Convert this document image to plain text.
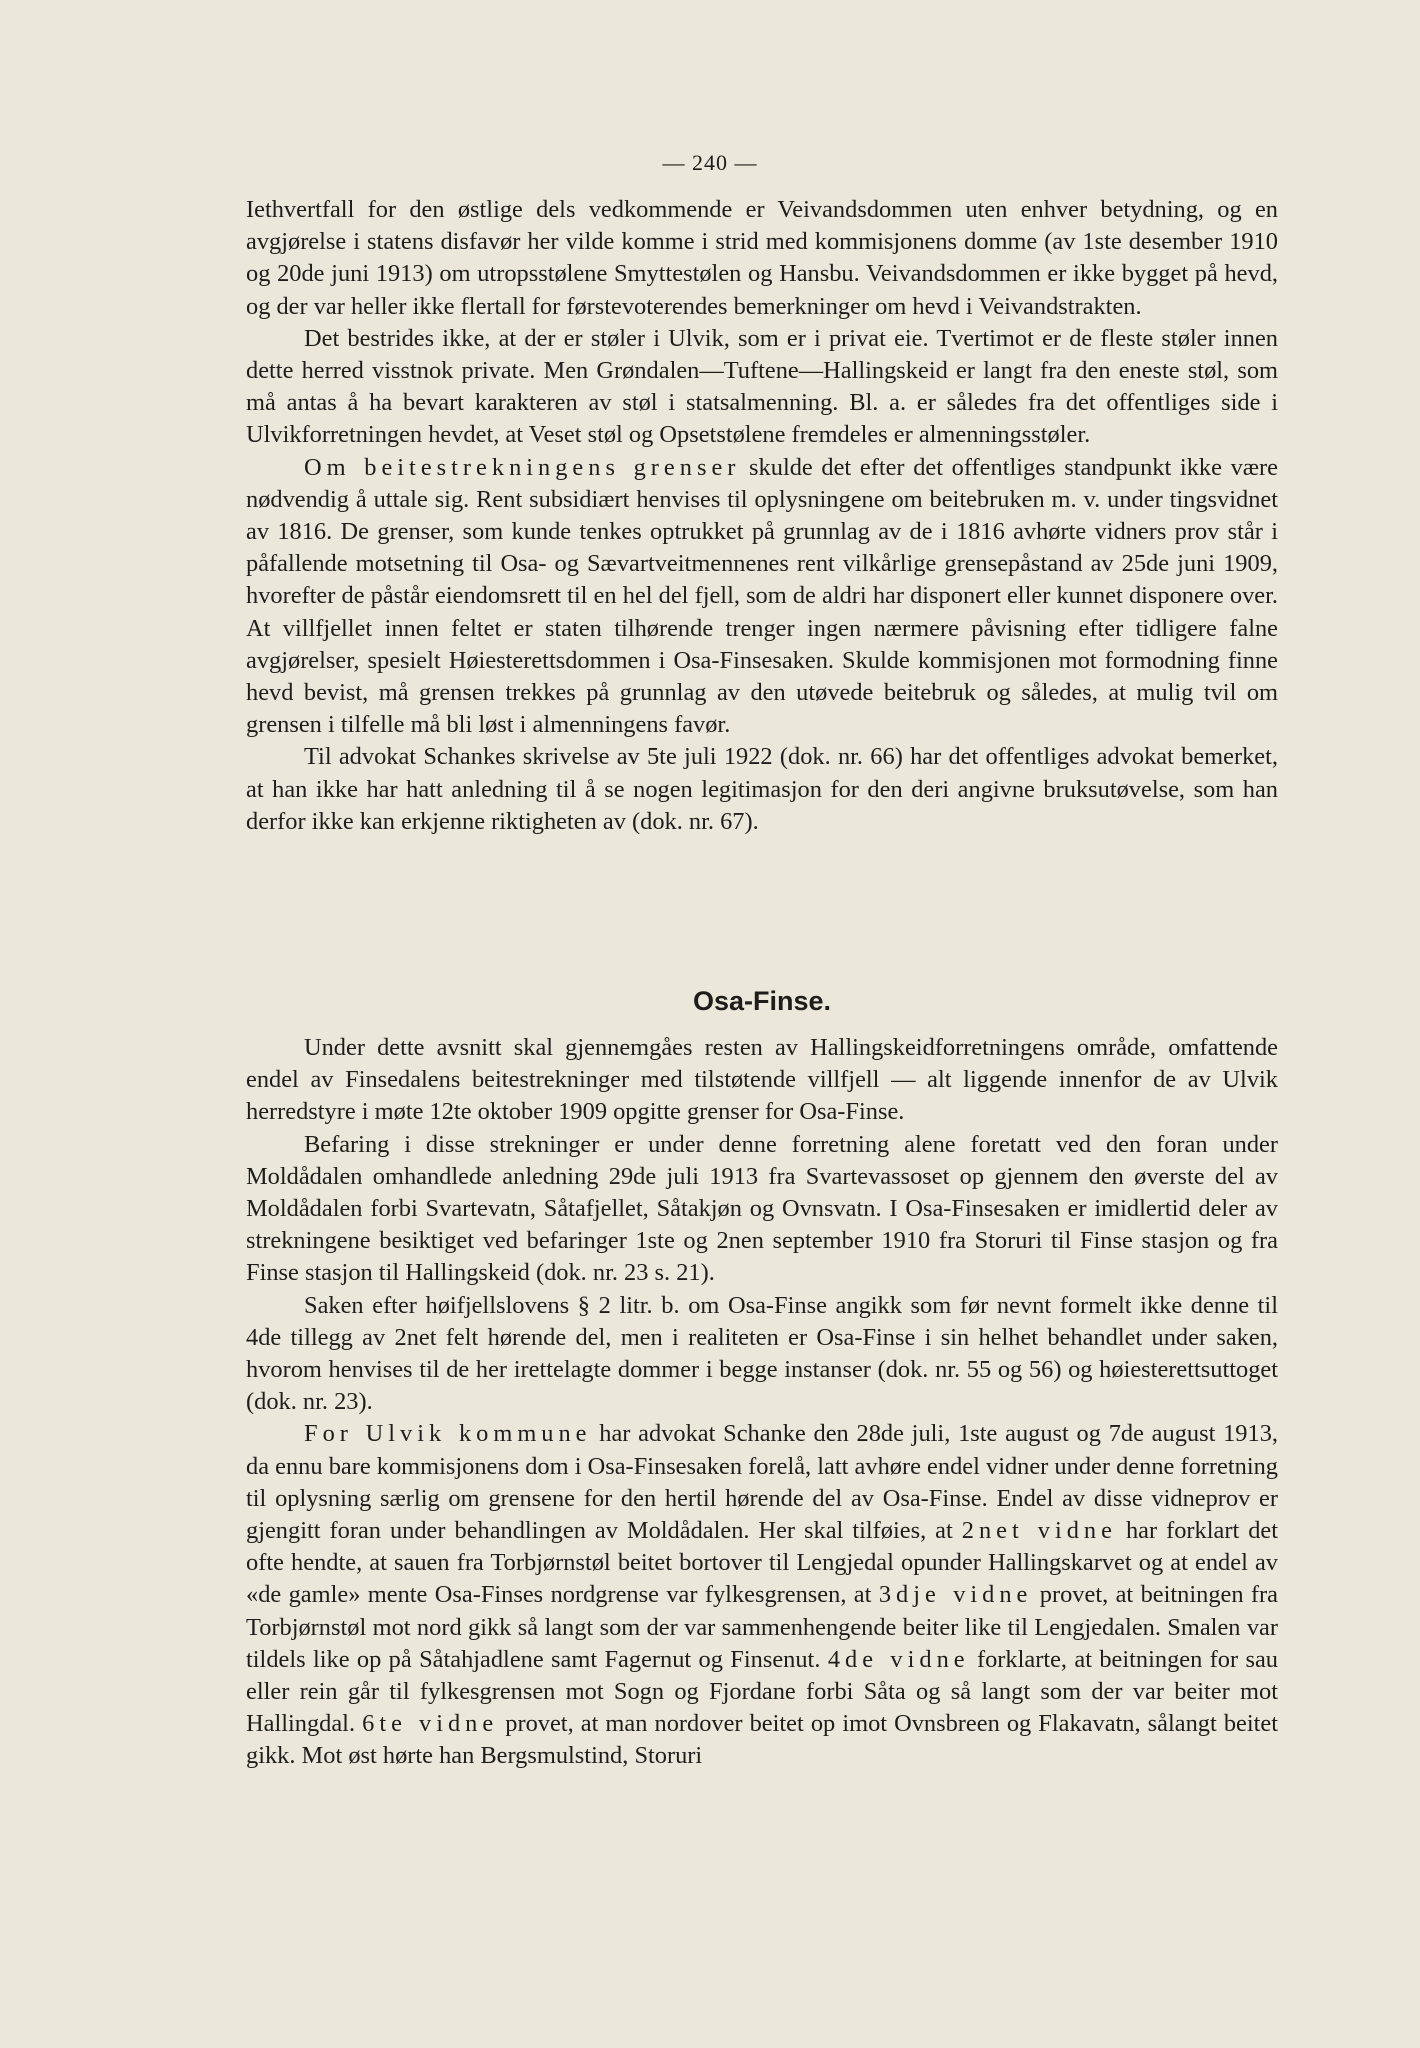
— 240 —

Iethvertfall for den østlige dels vedkommende er Veivandsdommen uten enhver betydning, og en avgjørelse i statens disfavør her vilde komme i strid med kommisjonens domme (av 1ste desember 1910 og 20de juni 1913) om utropsstølene Smyttestølen og Hansbu. Veivandsdommen er ikke bygget på hevd, og der var heller ikke flertall for førstevoterendes bemerkninger om hevd i Veivandstrakten.

Det bestrides ikke, at der er støler i Ulvik, som er i privat eie. Tvertimot er de fleste støler innen dette herred visstnok private. Men Grøndalen—Tuftene—Hallingskeid er langt fra den eneste støl, som må antas å ha bevart karakteren av støl i statsalmenning. Bl. a. er således fra det offentliges side i Ulvikforretningen hevdet, at Veset støl og Opsetstølene fremdeles er almenningsstøler.

Om beitestrekningens grenser skulde det efter det offentliges standpunkt ikke være nødvendig å uttale sig. Rent subsidiært henvises til oplysningene om beitebruken m. v. under tingsvidnet av 1816. De grenser, som kunde tenkes optrukket på grunnlag av de i 1816 avhørte vidners prov står i påfallende motsetning til Osa- og Sævartveitmennenes rent vilkårlige grensepåstand av 25de juni 1909, hvorefter de påstår eiendomsrett til en hel del fjell, som de aldri har disponert eller kunnet disponere over. At villfjellet innen feltet er staten tilhørende trenger ingen nærmere påvisning efter tidligere falne avgjørelser, spesielt Høiesterettsdommen i Osa-Finsesaken. Skulde kommisjonen mot formodning finne hevd bevist, må grensen trekkes på grunnlag av den utøvede beitebruk og således, at mulig tvil om grensen i tilfelle må bli løst i almenningens favør.

Til advokat Schankes skrivelse av 5te juli 1922 (dok. nr. 66) har det offentliges advokat bemerket, at han ikke har hatt anledning til å se nogen legitimasjon for den deri angivne bruksutøvelse, som han derfor ikke kan erkjenne riktigheten av (dok. nr. 67).

Osa-Finse.

Under dette avsnitt skal gjennemgåes resten av Hallingskeidforretningens område, omfattende endel av Finsedalens beitestrekninger med tilstøtende villfjell — alt liggende innenfor de av Ulvik herredstyre i møte 12te oktober 1909 opgitte grenser for Osa-Finse.

Befaring i disse strekninger er under denne forretning alene foretatt ved den foran under Moldådalen omhandlede anledning 29de juli 1913 fra Svartevassoset op gjennem den øverste del av Moldådalen forbi Svartevatn, Såtafjellet, Såtakjøn og Ovnsvatn. I Osa-Finsesaken er imidlertid deler av strekningene besiktiget ved befaringer 1ste og 2nen september 1910 fra Storuri til Finse stasjon og fra Finse stasjon til Hallingskeid (dok. nr. 23 s. 21).

Saken efter høifjellslovens § 2 litr. b. om Osa-Finse angikk som før nevnt formelt ikke denne til 4de tillegg av 2net felt hørende del, men i realiteten er Osa-Finse i sin helhet behandlet under saken, hvorom henvises til de her irettelagte dommer i begge instanser (dok. nr. 55 og 56) og høiesterettsuttoget (dok. nr. 23).

For Ulvik kommune har advokat Schanke den 28de juli, 1ste august og 7de august 1913, da ennu bare kommisjonens dom i Osa-Finsesaken forelå, latt avhøre endel vidner under denne forretning til oplysning særlig om grensene for den hertil hørende del av Osa-Finse. Endel av disse vidneprov er gjengitt foran under behandlingen av Moldådalen. Her skal tilføies, at 2net vidne har forklart det ofte hendte, at sauen fra Torbjørnstøl beitet bortover til Lengjedal opunder Hallingskarvet og at endel av «de gamle» mente Osa-Finses nordgrense var fylkesgrensen, at 3dje vidne provet, at beitningen fra Torbjørnstøl mot nord gikk så langt som der var sammenhengende beiter like til Lengjedalen. Smalen var tildels like op på Såtahjadlene samt Fagernut og Finsenut. 4de vidne forklarte, at beitningen for sau eller rein går til fylkesgrensen mot Sogn og Fjordane forbi Såta og så langt som der var beiter mot Hallingdal. 6te vidne provet, at man nordover beitet op imot Ovnsbreen og Flakavatn, sålangt beitet gikk. Mot øst hørte han Bergsmulstind, Storuri
